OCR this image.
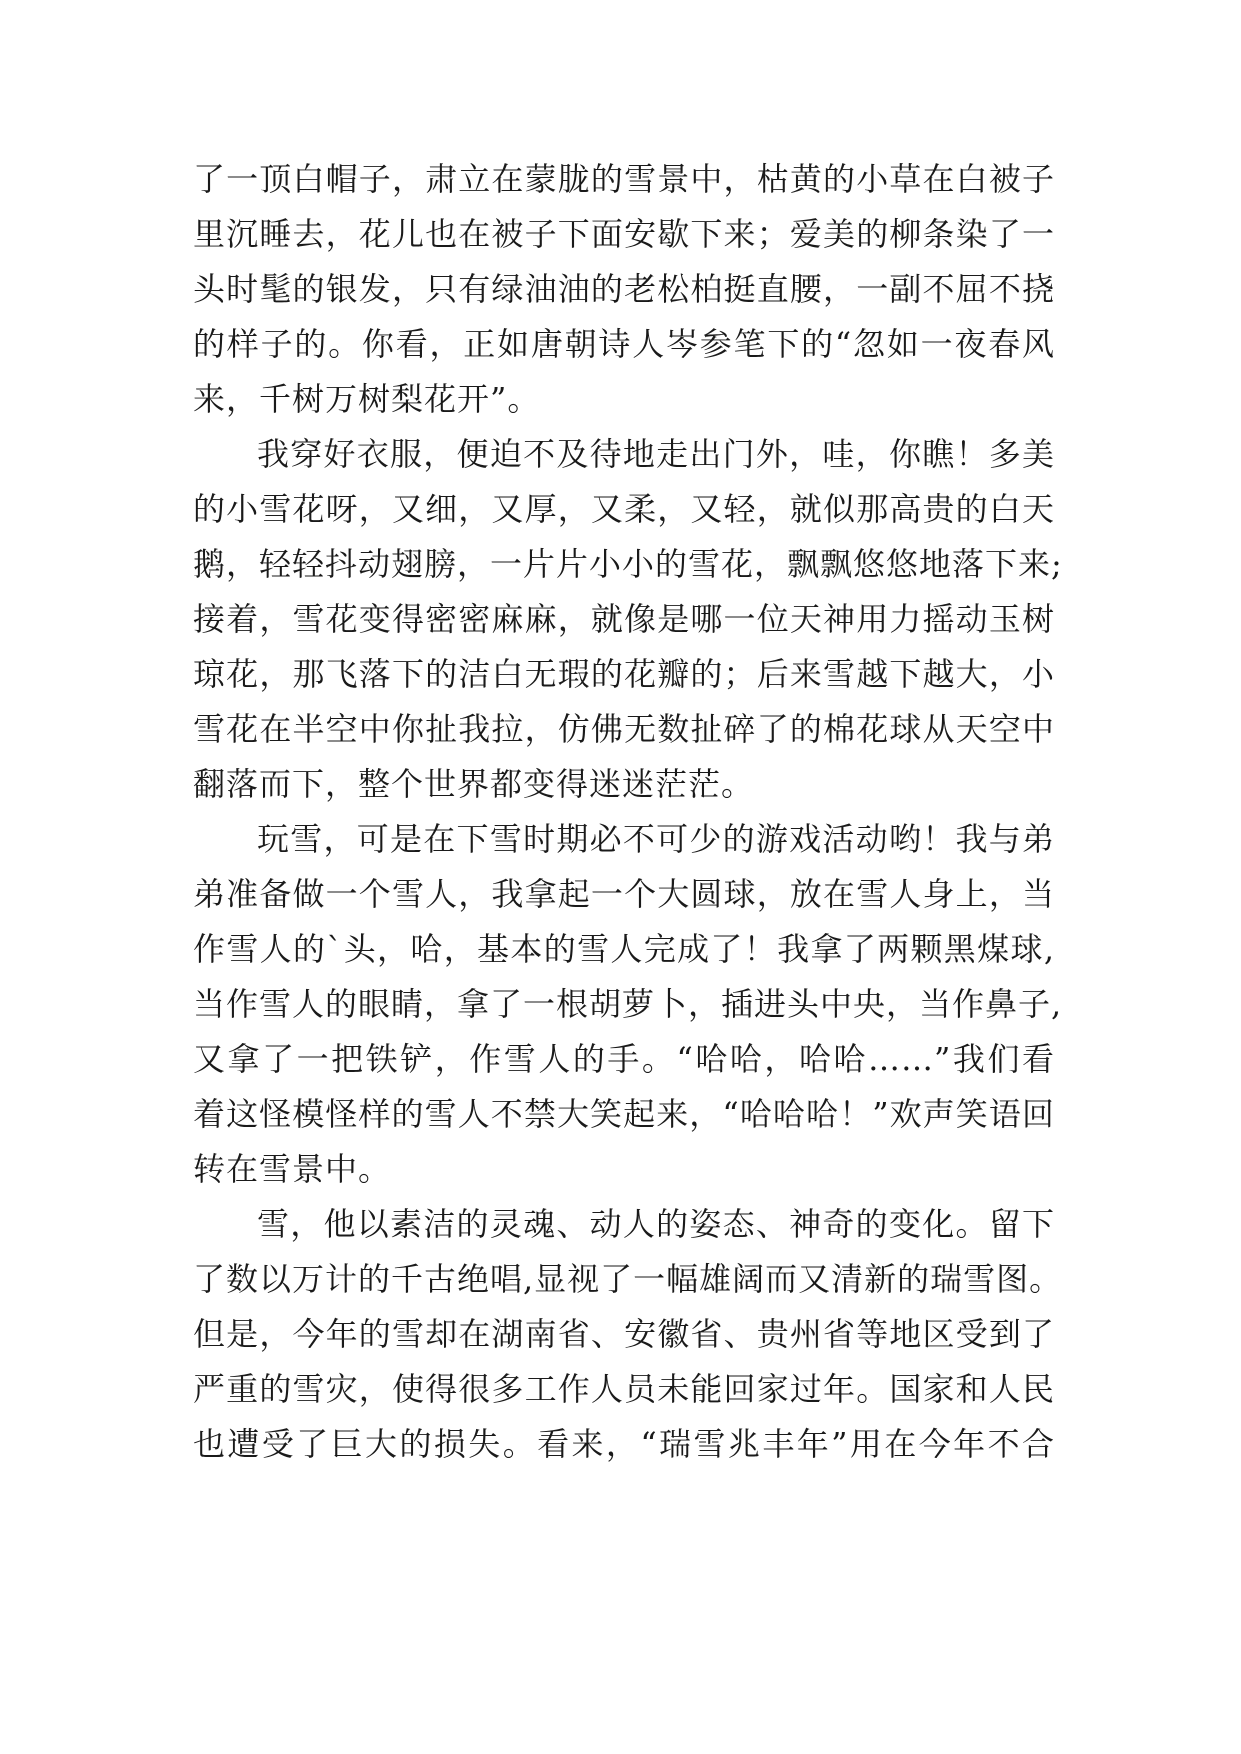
了一顶白帽子，肃立在蒙胧的雪景中，枯黄的小草在白被子
里沉睡去，花儿也在被子下面安歇下来；爱美的柳条染了一
头时髦的银发，只有绿油油的老松柏挺直腰，一副不屈不挠
的样子的。你看，正如唐朝诗人岑参笔下的“忽如一夜春风
来，千树万树梨花开”。
我穿好衣服，便迫不及待地走出门外，哇，你瞧！多美
的小雪花呀，又细，又厚，又柔，又轻，就似那高贵的白天
鹅，轻轻抖动翅膀，一片片小小的雪花，飘飘悠悠地落下来;
接着，雪花变得密密麻麻，就像是哪一位天神用力摇动玉树
琼花，那飞落下的洁白无瑕的花瓣的；后来雪越下越大，小
雪花在半空中你扯我拉，仿佛无数扯碎了的棉花球从天空中
翻落而下，整个世界都变得迷迷茫茫。
玩雪，可是在下雪时期必不可少的游戏活动哟！我与弟
弟准备做一个雪人，我拿起一个大圆球，放在雪人身上，当
作雪人的`头，哈，基本的雪人完成了！我拿了两颗黑煤球,
当作雪人的眼睛，拿了一根胡萝卜，插进头中央，当作鼻子,
又拿了一把铁铲，作雪人的手。“哈哈，哈哈……”我们看
着这怪模怪样的雪人不禁大笑起来，“哈哈哈！”欢声笑语回
转在雪景中。
雪，他以素洁的灵魂、动人的姿态、神奇的变化。留下
了数以万计的千古绝唱,显视了一幅雄阔而又清新的瑞雪图。
但是，今年的雪却在湖南省、安徽省、贵州省等地区受到了
严重的雪灾，使得很多工作人员未能回家过年。国家和人民
也遭受了巨大的损失。看来，“瑞雪兆丰年”用在今年不合
